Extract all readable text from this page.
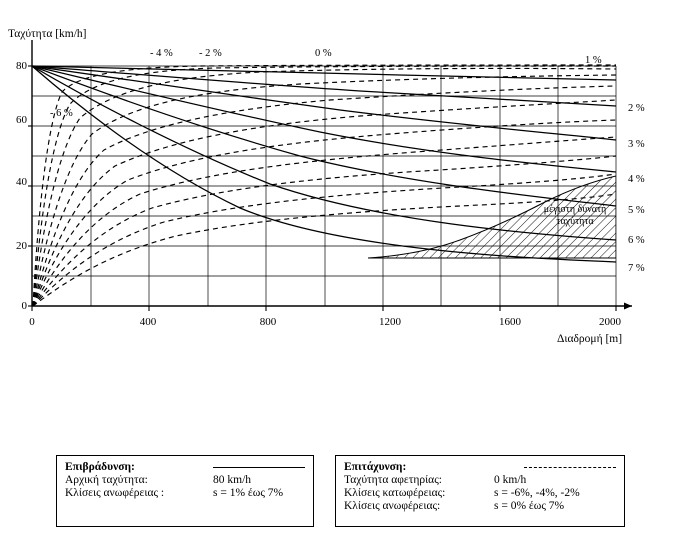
Ταχύτητα [km/h]
Διαδρομή [m]
80
60
40
20
0
0	400	800	1200	1600	2000
- 4 %	- 2 %	0 %
1 %
- 6 %	2 %
3 %
4 %
5 %
6 %
7 %
Επιβράδυνση:
Αρχική ταχύτητα:	80 km/h
Κλίσεις ανωφέρειας :	s = 1% έως 7%
Επιτάχυνση:
Ταχύτητα αφετηρίας:	0 km/h
Κλίσεις κατωφέρειας:	s = -6%, -4%, -2%
Κλίσεις ανωφέρειας:	s = 0% έως 7%
